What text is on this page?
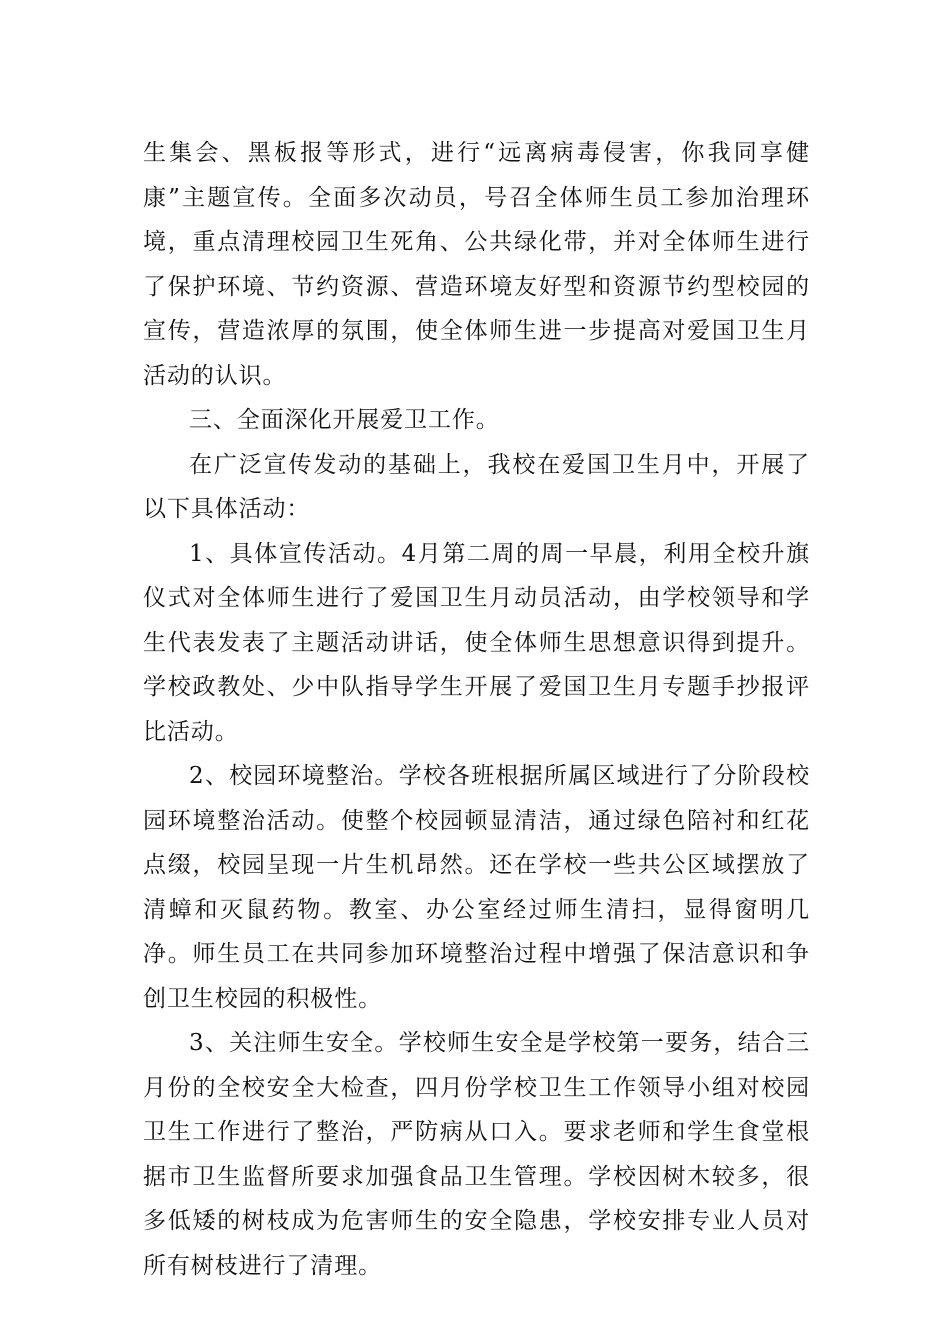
生集会、黑板报等形式，进行“远离病毒侵害，你我同享健康”主题宣传。全面多次动员，号召全体师生员工参加治理环境，重点清理校园卫生死角、公共绿化带，并对全体师生进行了保护环境、节约资源、营造环境友好型和资源节约型校园的宣传，营造浓厚的氛围，使全体师生进一步提高对爱国卫生月活动的认识。

三、全面深化开展爱卫工作。

在广泛宣传发动的基础上，我校在爱国卫生月中，开展了以下具体活动：

1、具体宣传活动。4月第二周的周一早晨，利用全校升旗仪式对全体师生进行了爱国卫生月动员活动，由学校领导和学生代表发表了主题活动讲话，使全体师生思想意识得到提升。学校政教处、少中队指导学生开展了爱国卫生月专题手抄报评比活动。

2、校园环境整治。学校各班根据所属区域进行了分阶段校园环境整治活动。使整个校园顿显清洁，通过绿色陪衬和红花点缀，校园呈现一片生机昂然。还在学校一些共公区域摆放了清蟑和灭鼠药物。教室、办公室经过师生清扫，显得窗明几净。师生员工在共同参加环境整治过程中增强了保洁意识和争创卫生校园的积极性。

3、关注师生安全。学校师生安全是学校第一要务，结合三月份的全校安全大检查，四月份学校卫生工作领导小组对校园卫生工作进行了整治，严防病从口入。要求老师和学生食堂根据市卫生监督所要求加强食品卫生管理。学校因树木较多，很多低矮的树枝成为危害师生的安全隐患，学校安排专业人员对所有树枝进行了清理。
